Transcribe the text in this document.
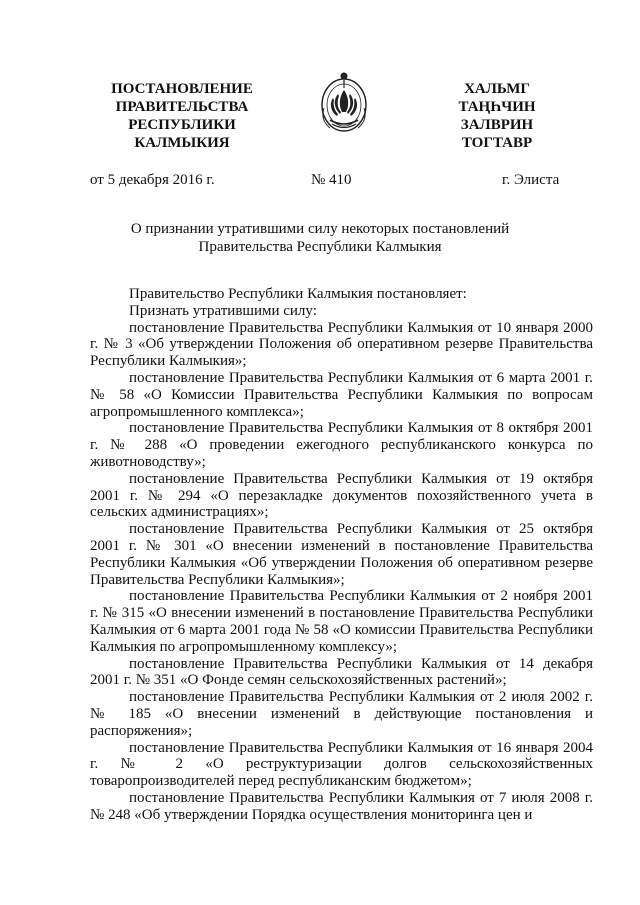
ПОСТАНОВЛЕНИЕ
ПРАВИТЕЛЬСТВА
РЕСПУБЛИКИ
КАЛМЫКИЯ
ХАЛЬМГ
ТАҢҺЧИН
ЗАЛВРИН
ТОГТАВР
от 5 декабря 2016 г.	№ 410	г. Элиста
О признании утратившими силу некоторых постановлений
Правительства Республики Калмыкия

Правительство Республики Калмыкия постановляет:

Признать утратившими силу:

постановление Правительства Республики Калмыкия от 10 января 2000 г. № 3 «Об утверждении Положения об оперативном резерве Правительства Республики Калмыкия»;

постановление Правительства Республики Калмыкия от 6 марта 2001 г. № 58 «О Комиссии Правительства Республики Калмыкия по вопросам агропромышленного комплекса»;

постановление Правительства Республики Калмыкия от 8 октября 2001 г. № 288 «О проведении ежегодного республиканского конкурса по животноводству»;

постановление Правительства Республики Калмыкия от 19 октября 2001 г. № 294 «О перезакладке документов похозяйственного учета в сельских администрациях»;

постановление Правительства Республики Калмыкия от 25 октября 2001 г. № 301 «О внесении изменений в постановление Правительства Республики Калмыкия «Об утверждении Положения об оперативном резерве Правительства Республики Калмыкия»;

постановление Правительства Республики Калмыкия от 2 ноября 2001 г. № 315 «О внесении изменений в постановление Правительства Республики Калмыкия от 6 марта 2001 года № 58 «О комиссии Правительства Республики Калмыкия по агропромышленному комплексу»;

постановление Правительства Республики Калмыкия от 14 декабря 2001 г. № 351 «О Фонде семян сельскохозяйственных растений»;

постановление Правительства Республики Калмыкия от 2 июля 2002 г. № 185 «О внесении изменений в действующие постановления и распоряжения»;

постановление Правительства Республики Калмыкия от 16 января 2004 г. № 2 «О реструктуризации долгов сельскохозяйственных товаропроизводителей перед республиканским бюджетом»;

постановление Правительства Республики Калмыкия от 7 июля 2008 г. № 248 «Об утверждении Порядка осуществления мониторинга цен и
